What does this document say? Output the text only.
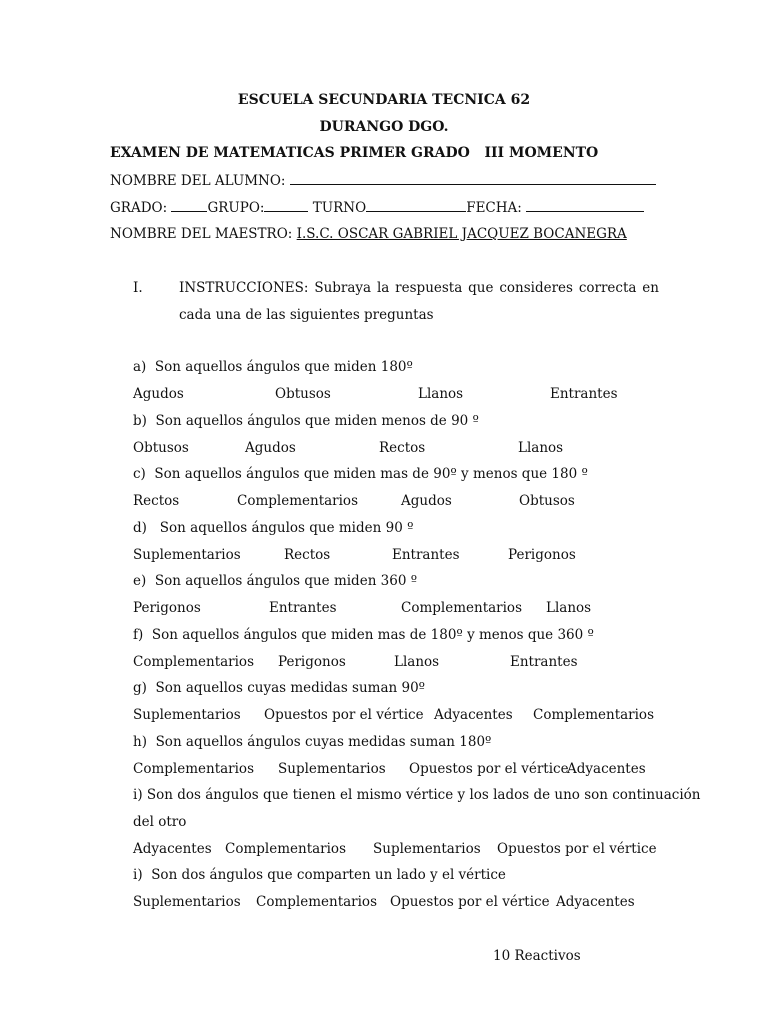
ESCUELA SECUNDARIA TECNICA 62
DURANGO DGO.
EXAMEN DE MATEMATICAS PRIMER GRADO   III MOMENTO
NOMBRE DEL ALUMNO:
GRADO:	GRUPO:	TURNO	FECHA:
NOMBRE DEL MAESTRO: I.S.C. OSCAR GABRIEL JACQUEZ BOCANEGRA
I.	INSTRUCCIONES: Subraya la respuesta que consideres correcta en cada una de las siguientes preguntas
a) Son aquellos ángulos que miden 180º
Agudos	Obtusos	Llanos	Entrantes
b) Son aquellos ángulos que miden menos de 90 º
Obtusos	Agudos	Rectos	Llanos
c) Son aquellos ángulos que miden mas de 90º y menos que 180 º
Rectos	Complementarios	Agudos	Obtusos
d) Son aquellos ángulos que miden 90 º
Suplementarios	Rectos	Entrantes	Perigonos
e) Son aquellos ángulos que miden 360 º
Perigonos	Entrantes	Complementarios Llanos
f) Son aquellos ángulos que miden mas de 180º y menos que 360 º
Complementarios Perigonos	Llanos	Entrantes
g) Son aquellos cuyas medidas suman 90º
Suplementarios Opuestos por el vértice Adyacentes Complementarios
h) Son aquellos ángulos cuyas medidas suman 180º
Complementarios Suplementarios Opuestos por el vértice
Adyacentes
i) Son dos ángulos que tienen el mismo vértice y los lados de uno son continuación
del otro
Adyacentes Complementarios Suplementarios Opuestos por el vértice
i) Son dos ángulos que comparten un lado y el vértice
Suplementarios Complementarios Opuestos por el vértice Adyacentes
10 Reactivos
